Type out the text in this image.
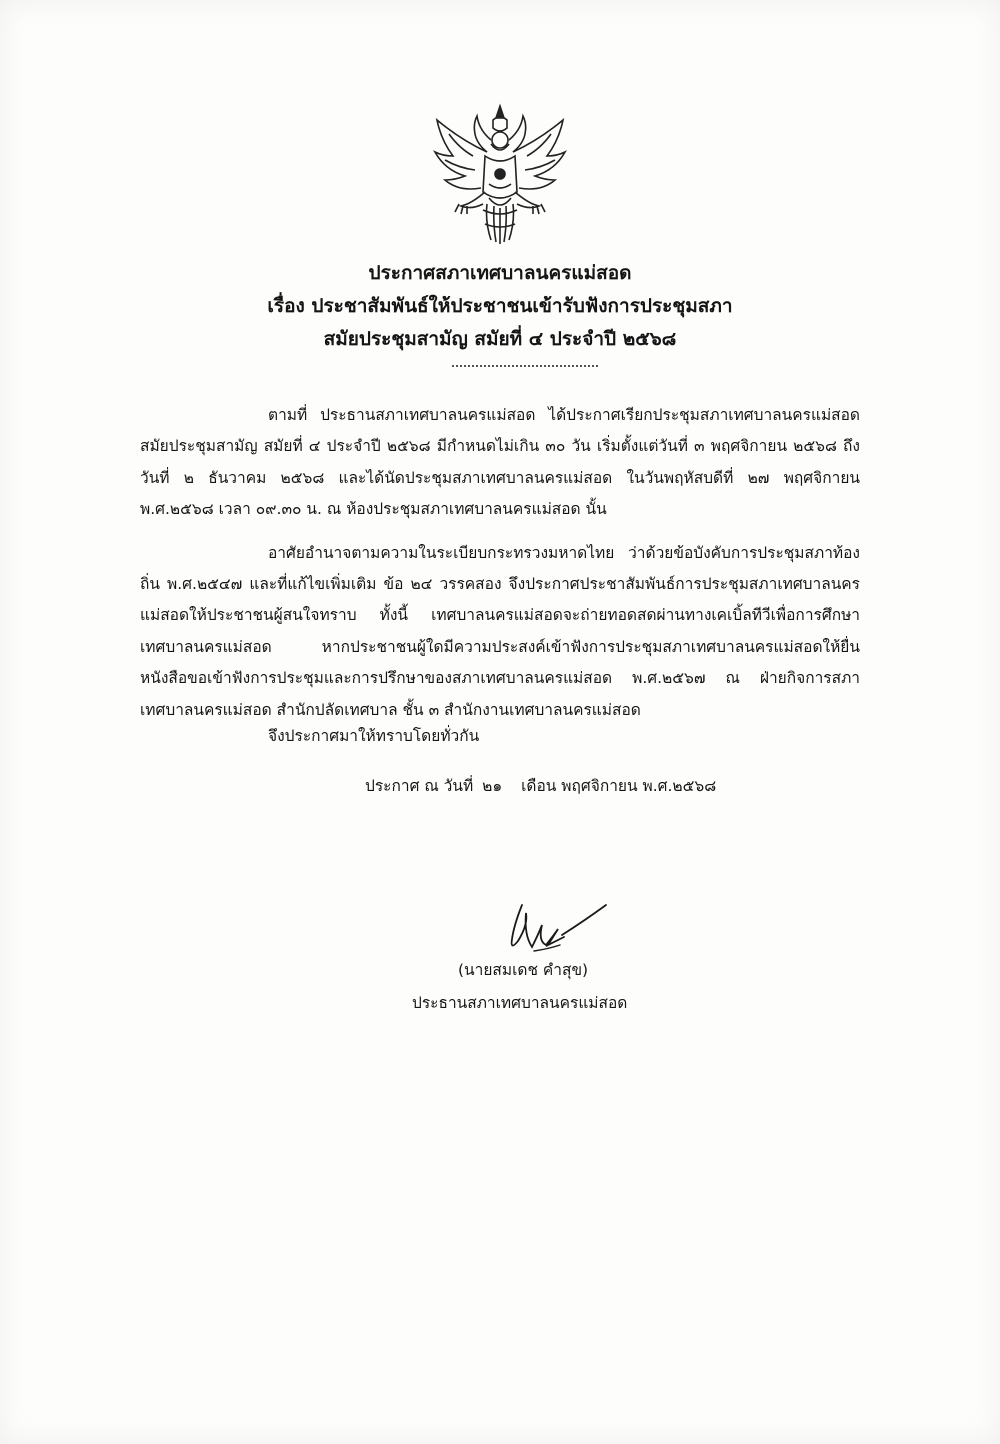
ประกาศสภาเทศบาลนครแม่สอด
เรื่อง ประชาสัมพันธ์ให้ประชาชนเข้ารับฟังการประชุมสภา
สมัยประชุมสามัญ สมัยที่ ๔ ประจำปี ๒๕๖๘

ตามที่ ประธานสภาเทศบาลนครแม่สอด ได้ประกาศเรียกประชุมสภาเทศบาลนครแม่สอด สมัยประชุมสามัญ สมัยที่ ๔ ประจำปี ๒๕๖๘ มีกำหนดไม่เกิน ๓๐ วัน เริ่มตั้งแต่วันที่ ๓ พฤศจิกายน ๒๕๖๘ ถึงวันที่ ๒ ธันวาคม ๒๕๖๘ และได้นัดประชุมสภาเทศบาลนครแม่สอด ในวันพฤหัสบดีที่ ๒๗ พฤศจิกายน พ.ศ.๒๕๖๘ เวลา ๐๙.๓๐ น. ณ ห้องประชุมสภาเทศบาลนครแม่สอด นั้น

อาศัยอำนาจตามความในระเบียบกระทรวงมหาดไทย ว่าด้วยข้อบังคับการประชุมสภาท้องถิ่น พ.ศ.๒๕๔๗ และที่แก้ไขเพิ่มเติม ข้อ ๒๔ วรรคสอง จึงประกาศประชาสัมพันธ์การประชุมสภาเทศบาลนครแม่สอดให้ประชาชนผู้สนใจทราบ ทั้งนี้ เทศบาลนครแม่สอดจะถ่ายทอดสดผ่านทางเคเบิ้ลทีวีเพื่อการศึกษาเทศบาลนครแม่สอด หากประชาชนผู้ใดมีความประสงค์เข้าฟังการประชุมสภาเทศบาลนครแม่สอดให้ยื่นหนังสือขอเข้าฟังการประชุมและการปรึกษาของสภาเทศบาลนครแม่สอด พ.ศ.๒๕๖๗ ณ ฝ่ายกิจการสภาเทศบาลนครแม่สอด สำนักปลัดเทศบาล ชั้น ๓ สำนักงานเทศบาลนครแม่สอด

จึงประกาศมาให้ทราบโดยทั่วกัน
ประกาศ ณ วันที่ ๒๑ เดือน พฤศจิกายน พ.ศ.๒๕๖๘
(นายสมเดช คำสุข)
ประธานสภาเทศบาลนครแม่สอด
